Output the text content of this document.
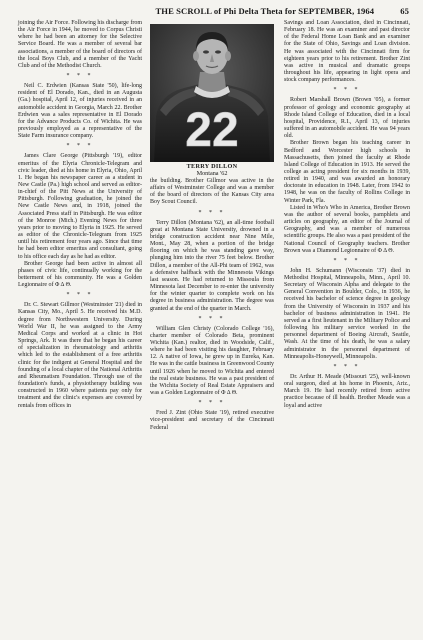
THE SCROLL of Phi Delta Theta for SEPTEMBER, 1964	65

joining the Air Force. Following his discharge from the Air Force in 1944, he moved to Corpus Christi where he had been an attorney for the Selective Service Board. He was a member of several bar associations, a member of the board of directors of the local Boys Club, and a member of the Yacht Club and of the Methodist Church.

* * *

Neil C. Erdwien (Kansas State '50), life-long resident of El Dorado, Kan., died in an Augusta (Ga.) hospital, April 12, of injuries received in an automobile accident in Georgia, March 22. Brother Erdwien was a sales representative in El Dorado for the Advance Products Co. of Wichita. He was previously employed as a representative of the State Farm insurance company.

* * *

James Clare George (Pittsburgh '19), editor emeritus of the Elyria Chronicle-Telegram and civic leader, died at his home in Elyria, Ohio, April 1. He began his newspaper career as a student in New Castle (Pa.) high school and served as editor-in-chief of the Pitt News at the University of Pittsburgh. Following graduation, he joined the New Castle News and, in 1918, joined the Associated Press staff in Pittsburgh. He was editor of the Monroe (Mich.) Evening News for three years prior to moving to Elyria in 1925. He served as editor of the Chronicle-Telegram from 1925 until his retirement four years ago. Since that time he had been editor emeritus and consultant, going to his office each day as he had as editor.

Brother George had been active in almost all phases of civic life, continually working for the betterment of his community. He was a Golden Legionnaire of Φ Δ Θ.

* * *

Dr. C. Stewart Gillmor (Westminster '21) died in Kansas City, Mo., April 5. He received his M.D. degree from Northwestern University. During World War II, he was assigned to the Army Medical Corps and worked at a clinic in Hot Springs, Ark. It was there that he began his career of specialization in rheumatology and arthritis which led to the establishment of a free arthritis clinic for the indigent at General Hospital and the founding of a local chapter of the National Arthritis and Rheumatism Foundation. Through use of the foundation's funds, a physiotherapy building was constructed in 1960 where patients pay only for treatment and the clinic's expenses are covered by rentals from offices in

22
TERRY DILLON
Montana '62

the building. Brother Gillmor was active in the affairs of Westminster College and was a member of the board of directors of the Kansas City area Boy Scout Council.

* * *

Terry Dillon (Montana '62), an all-time football great at Montana State University, drowned in a bridge construction accident near Nine Mile, Mont., May 28, when a portion of the bridge flooring on which he was standing gave way, plunging him into the river 75 feet below. Brother Dillon, a member of the All-Phi team of 1962, was a defensive halfback with the Minnesota Vikings last season. He had returned to Missoula from Minnesota last December to re-enter the university for the winter quarter to complete work on his degree in business administration. The degree was granted at the end of the quarter in March.

* * *

William Glen Christy (Colorado College '16), charter member of Colorado Beta, prominent Wichita (Kan.) realtor, died in Woodside, Calif., where he had been visiting his daughter, February 12. A native of Iowa, he grew up in Eureka, Kan. He was in the cattle business in Greenwood County until 1926 when he moved to Wichita and entered the real estate business. He was a past president of the Wichita Society of Real Estate Appraisers and was a Golden Legionnaire of Φ Δ Θ.

* * *

Fred J. Zint (Ohio State '19), retired executive vice-president and secretary of the Cincinnati Federal

Savings and Loan Association, died in Cincinnati, February 18. He was an examiner and past director of the Federal Home Loan Bank and an examiner for the State of Ohio, Savings and Loan division. He was associated with the Cincinnati firm for eighteen years prior to his retirement. Brother Zint was active in musical and dramatic groups throughout his life, appearing in light opera and stock company performances.

* * *

Robert Marshall Brown (Brown '05), a former professor of geology and economic geography at Rhode Island College of Education, died in a local hospital, Providence, R.I., April 13, of injuries suffered in an automobile accident. He was 94 years old.

Brother Brown began his teaching career in Bedford and Worcester high schools in Massachusetts, then joined the faculty at Rhode Island College of Education in 1913. He served the college as acting president for six months in 1939, retired in 1940, and was awarded an honorary doctorate in education in 1948. Later, from 1942 to 1948, he was on the faculty of Rollins College in Winter Park, Fla.

Listed in Who's Who in America, Brother Brown was the author of several books, pamphlets and articles on geography, an editor of the Journal of Geography, and was a member of numerous scientific groups. He also was a past president of the National Council of Geography teachers. Brother Brown was a Diamond Legionnaire of Φ Δ Θ.

* * *

John H. Schumann (Wisconsin '37) died in Methodist Hospital, Minneapolis, Minn., April 10. Secretary of Wisconsin Alpha and delegate to the General Convention in Boulder, Colo., in 1936, he received his bachelor of science degree in geology from the University of Wisconsin in 1937 and his bachelor of business administration in 1941. He served as a first lieutenant in the Military Police and following his military service worked in the personnel department of Boeing Aircraft, Seattle, Wash. At the time of his death, he was a salary administrator in the personnel department of Minneapolis-Honeywell, Minneapolis.

* * *

Dr. Arthur H. Meade (Missouri '25), well-known oral surgeon, died at his home in Phoenix, Ariz., March 19. He had recently retired from active practice because of ill health. Brother Meade was a loyal and active
